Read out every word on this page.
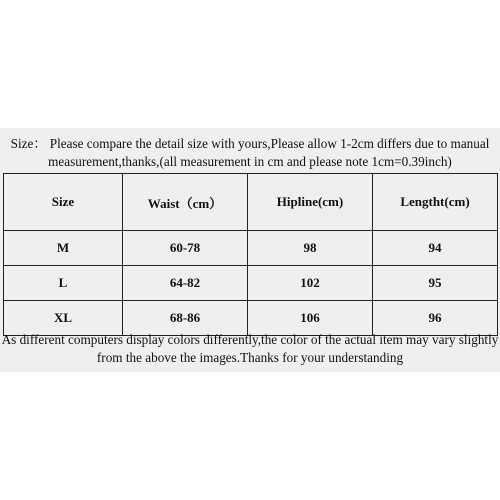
Size： Please compare the detail size with yours,Please allow 1-2cm differs due to manual measurement,thanks,(all measurement in cm and please note 1cm=0.39inch)
Size	Waist（cm）	Hipline(cm)	Lengtht(cm)
M	60-78	98	94
L	64-82	102	95
XL	68-86	106	96
As different computers display colors differently,the color of the actual item may vary slightly from the above the images.Thanks for your understanding
